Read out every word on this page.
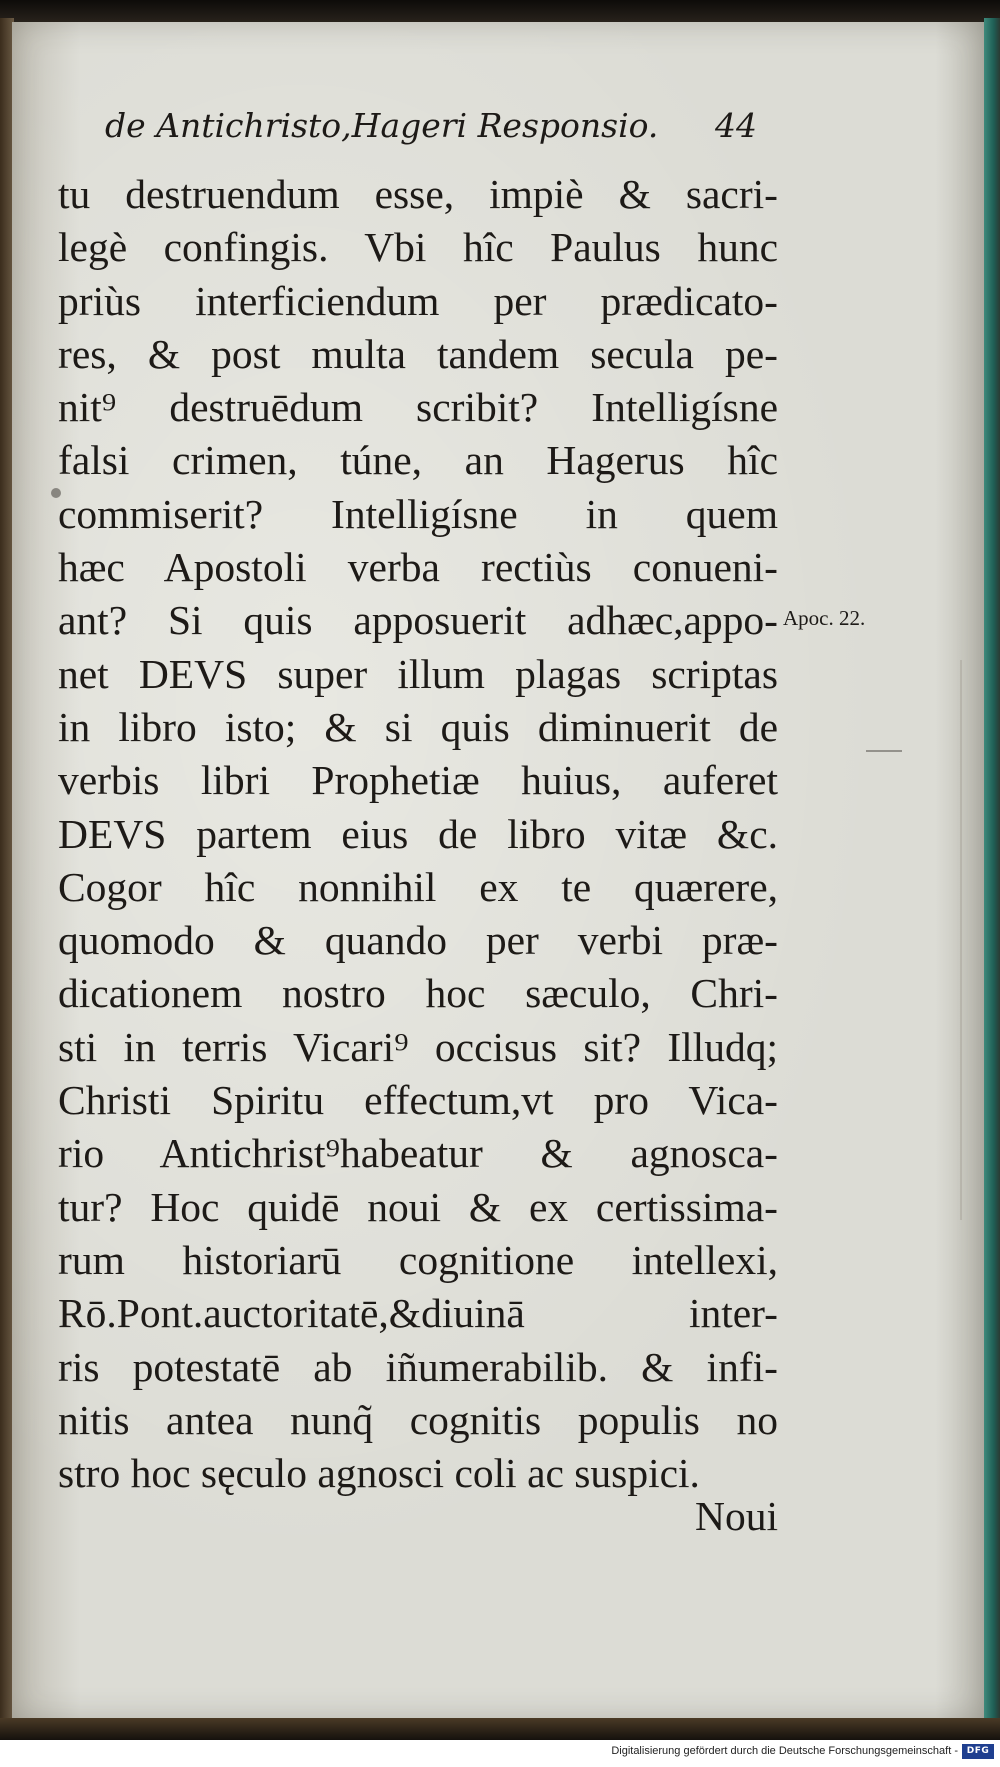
de Antichristo,Hageri Responsio. 44
tu destruendum esse, impiè & sacri-
legè confingis. Vbi hîc Paulus hunc
priùs interficiendum per prædicato-
res, & post multa tandem secula pe-
nit⁹ destruēdum scribit? Intelligísne
falsi crimen, túne, an Hagerus hîc
commiserit? Intelligísne in quem
hæc Apostoli verba rectiùs conueni-
ant? Si quis apposuerit adhæc,appo-
net DEVS super illum plagas scriptas
in libro isto; & si quis diminuerit de
verbis libri Prophetiæ huius, auferet
DEVS partem eius de libro vitæ &c.
Cogor hîc nonnihil ex te quærere,
quomodo & quando per verbi præ-
dicationem nostro hoc sæculo, Chri-
sti in terris Vicari⁹ occisus sit? Illudq;
Christi Spiritu effectum,vt pro Vica-
rio Antichrist⁹habeatur & agnosca-
tur? Hoc quidē noui & ex certissima-
rum historiarū cognitione intellexi,
Rō.Pont.auctoritatē,&diuinā inter-
ris potestatē ab iñumerabilib. & infi-
nitis antea nunq̃ cognitis populis no
stro hoc sęculo agnosci coli ac suspici.
Noui
Apoc. 22.
Digitalisierung gefördert durch die Deutsche Forschungsgemeinschaft - DFG
